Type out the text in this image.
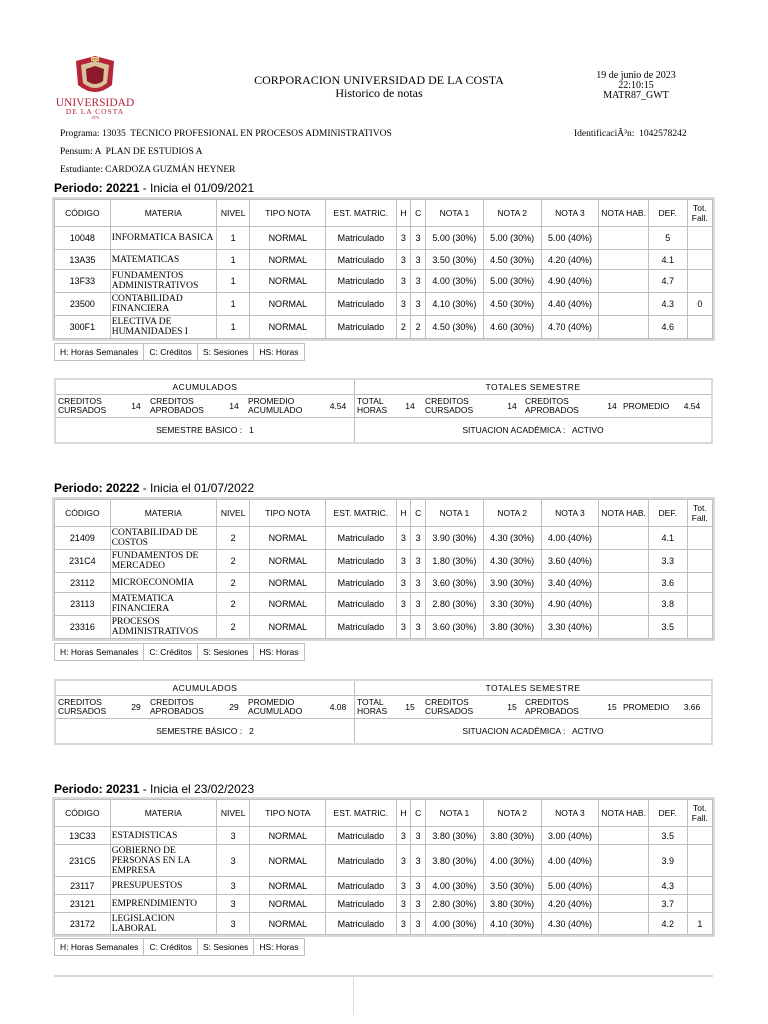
CUC
UNIVERSIDAD
DE LA COSTA
1970
CORPORACION UNIVERSIDAD DE LA COSTA
Historico de notas
19 de junio de 2023
22:10:15
MATR87_GWT
Programa: 13035  TECNICO PROFESIONAL EN PROCESOS ADMINISTRATIVOS	IdentificaciÃ³n:  1042578242
Pensum: A  PLAN DE ESTUDIOS A
Estudiante: CARDOZA GUZMÁN HEYNER
Periodo: 20221 - Inicia el 01/09/2021
CÓDIGO	MATERIA	NIVEL	TIPO NOTA	EST. MATRIC.	H	C	NOTA 1	NOTA 2	NOTA 3	NOTA HAB.	DEF.	Tot. Fall.
10048	INFORMATICA BASICA	1	NORMAL	Matriculado	3	3	5.00 (30%)	5.00 (30%)	5.00 (40%)		5	
13A35	MATEMATICAS	1	NORMAL	Matriculado	3	3	3.50 (30%)	4.50 (30%)	4.20 (40%)		4.1	
13F33	FUNDAMENTOS ADMINISTRATIVOS	1	NORMAL	Matriculado	3	3	4.00 (30%)	5.00 (30%)	4.90 (40%)		4.7	
23500	CONTABILIDAD FINANCIERA	1	NORMAL	Matriculado	3	3	4.10 (30%)	4.50 (30%)	4.40 (40%)		4.3	0
300F1	ELECTIVA DE HUMANIDADES I	1	NORMAL	Matriculado	2	2	4.50 (30%)	4.60 (30%)	4.70 (40%)		4.6	
H: Horas Semanales	C: Créditos	S: Sesiones	HS: Horas
ACUMULADOS
CREDITOS CURSADOS	14	CREDITOS APROBADOS	14	PROMEDIO ACUMULADO	4.54
SEMESTRE BÁSICO : 1
TOTALES SEMESTRE
TOTAL HORAS	14	CREDITOS CURSADOS	14 CREDITOS APROBADOS	14 PROMEDIO	4.54
SITUACION ACADÉMICA : ACTIVO
Periodo: 20222 - Inicia el 01/07/2022
CÓDIGO	MATERIA	NIVEL	TIPO NOTA	EST. MATRIC.	H	C	NOTA 1	NOTA 2	NOTA 3	NOTA HAB.	DEF.	Tot. Fall.
21409	CONTABILIDAD DE COSTOS	2	NORMAL	Matriculado	3	3	3.90 (30%)	4.30 (30%)	4.00 (40%)		4.1	
231C4	FUNDAMENTOS DE MERCADEO	2	NORMAL	Matriculado	3	3	1.80 (30%)	4.30 (30%)	3.60 (40%)		3.3	
23112	MICROECONOMIA	2	NORMAL	Matriculado	3	3	3.60 (30%)	3.90 (30%)	3.40 (40%)		3.6	
23113	MATEMATICA FINANCIERA	2	NORMAL	Matriculado	3	3	2.80 (30%)	3.30 (30%)	4.90 (40%)		3.8	
23316	PROCESOS ADMINISTRATIVOS	2	NORMAL	Matriculado	3	3	3.60 (30%)	3.80 (30%)	3.30 (40%)		3.5	
H: Horas Semanales	C: Créditos	S: Sesiones	HS: Horas
ACUMULADOS
CREDITOS CURSADOS	29	CREDITOS APROBADOS	29	PROMEDIO ACUMULADO	4.08
SEMESTRE BÁSICO : 2
TOTALES SEMESTRE
TOTAL HORAS	15	CREDITOS CURSADOS	15 CREDITOS APROBADOS	15 PROMEDIO	3.66
SITUACION ACADÉMICA : ACTIVO
Periodo: 20231 - Inicia el 23/02/2023
CÓDIGO	MATERIA	NIVEL	TIPO NOTA	EST. MATRIC.	H	C	NOTA 1	NOTA 2	NOTA 3	NOTA HAB.	DEF.	Tot. Fall.
13C33	ESTADISTICAS	3	NORMAL	Matriculado	3	3	3.80 (30%)	3.80 (30%)	3.00 (40%)		3.5	
231C5	GOBIERNO DE PERSONAS EN LA EMPRESA	3	NORMAL	Matriculado	3	3	3.80 (30%)	4.00 (30%)	4.00 (40%)		3.9	
23117	PRESUPUESTOS	3	NORMAL	Matriculado	3	3	4.00 (30%)	3.50 (30%)	5.00 (40%)		4.3	
23121	EMPRENDIMIENTO	3	NORMAL	Matriculado	3	3	2.80 (30%)	3.80 (30%)	4.20 (40%)		3.7	
23172	LEGISLACION LABORAL	3	NORMAL	Matriculado	3	3	4.00 (30%)	4.10 (30%)	4.30 (40%)		4.2	1
H: Horas Semanales	C: Créditos	S: Sesiones	HS: Horas
